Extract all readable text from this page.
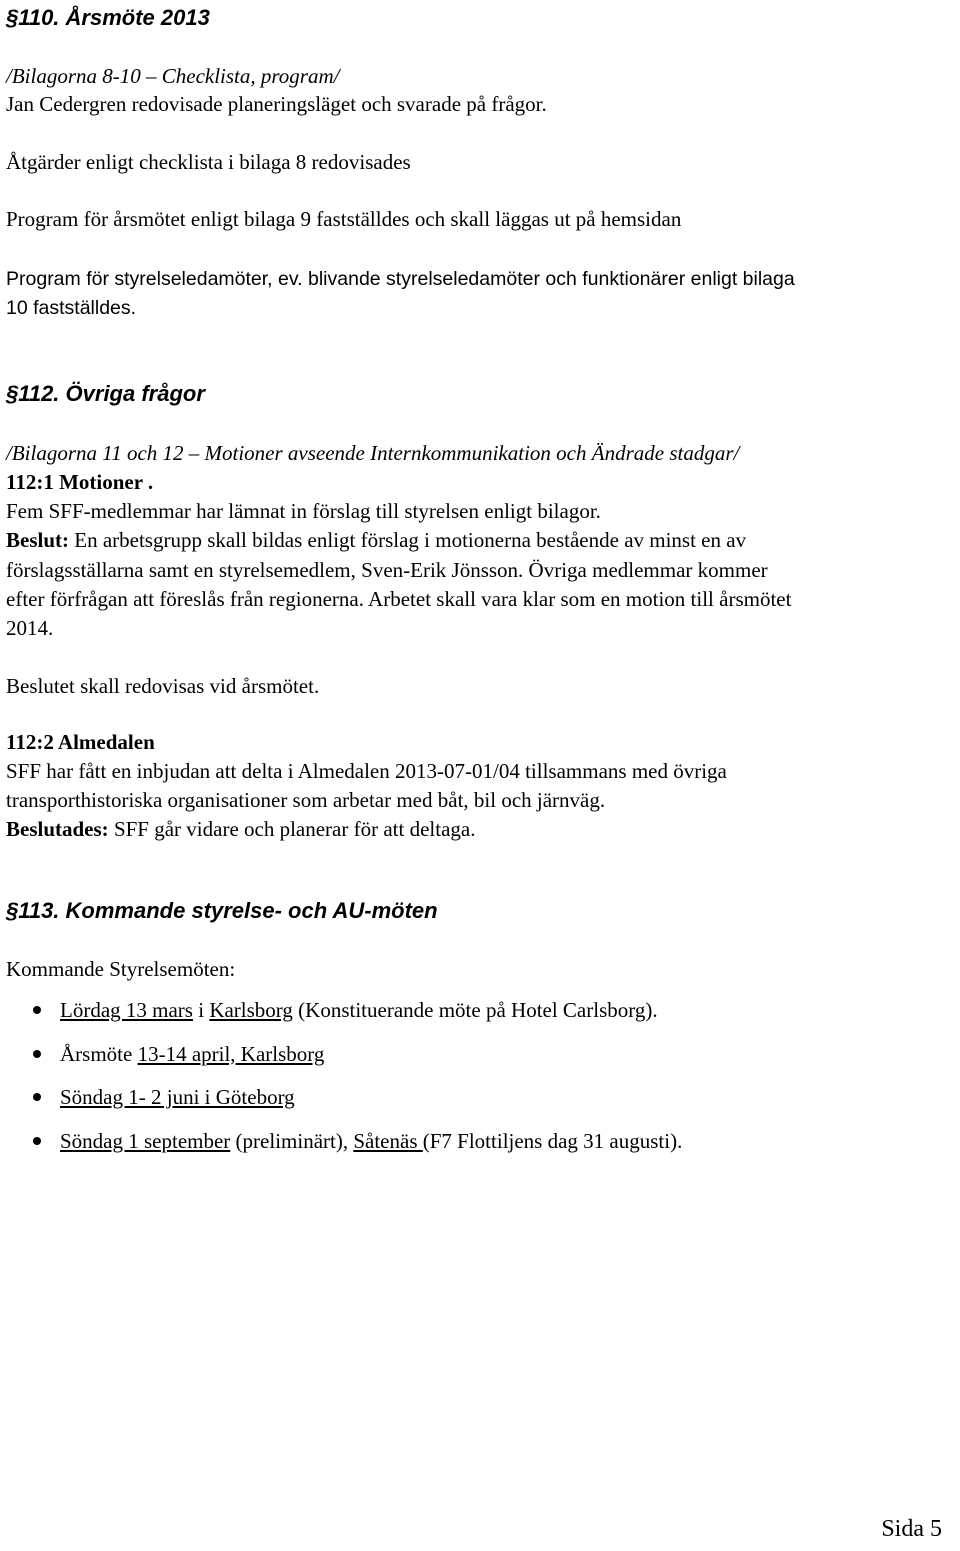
§110. Årsmöte 2013
/Bilagorna 8-10 – Checklista, program/
Jan Cedergren redovisade planeringsläget och svarade på frågor.
Åtgärder enligt checklista i bilaga 8 redovisades
Program för årsmötet enligt bilaga 9 fastställdes och skall läggas ut på hemsidan
Program för styrelseledamöter, ev. blivande styrelseledamöter och funktionärer enligt bilaga
10 fastställdes.
§112. Övriga frågor
/Bilagorna 11 och 12 – Motioner avseende Internkommunikation och Ändrade stadgar/
112:1 Motioner .
Fem SFF-medlemmar har lämnat in förslag till styrelsen enligt bilagor.
Beslut: En arbetsgrupp skall bildas enligt förslag i motionerna bestående av minst en av
förslagsställarna samt en styrelsemedlem, Sven-Erik Jönsson. Övriga medlemmar kommer
efter förfrågan att föreslås från regionerna. Arbetet skall vara klar som en motion till årsmötet
2014.
Beslutet skall redovisas vid årsmötet.
112:2 Almedalen
SFF har fått en inbjudan att delta i Almedalen 2013-07-01/04 tillsammans med övriga
transporthistoriska organisationer som arbetar med båt, bil och järnväg.
Beslutades: SFF går vidare och planerar för att deltaga.
§113. Kommande styrelse- och AU-möten
Kommande Styrelsemöten:
Lördag 13 mars i Karlsborg (Konstituerande möte på Hotel Carlsborg).
Årsmöte 13-14 april, Karlsborg
Söndag 1- 2 juni i Göteborg
Söndag 1 september (preliminärt), Såtenäs (F7 Flottiljens dag 31 augusti).
Sida 5
